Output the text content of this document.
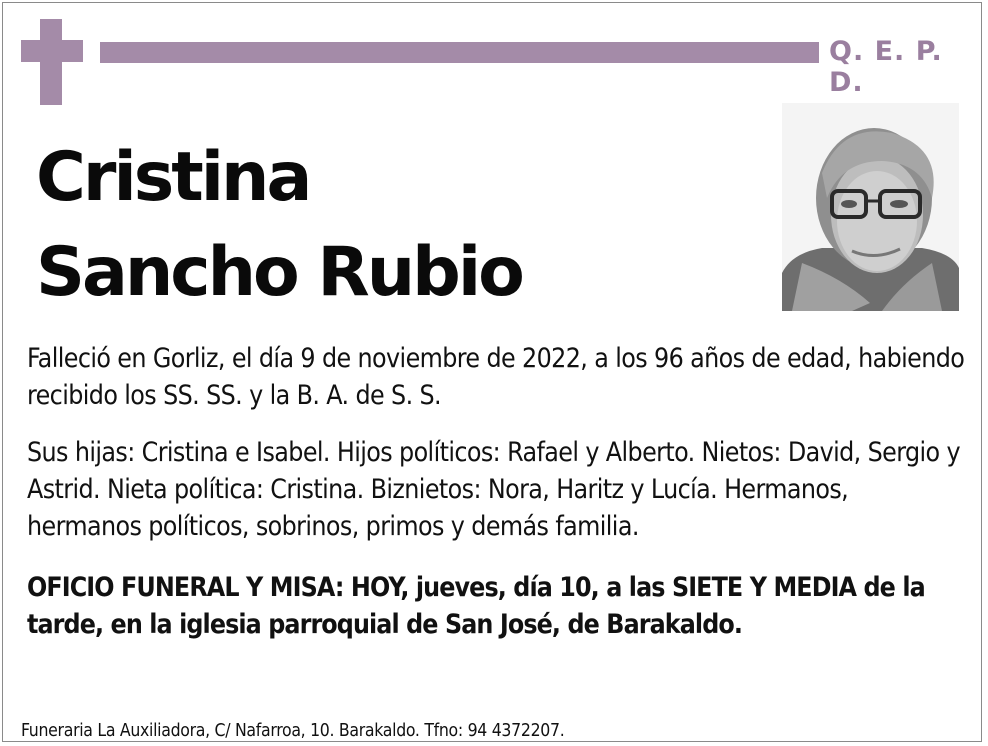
Q. E. P. D.
Cristina
Sancho Rubio

Falleció en Gorliz, el día 9 de noviembre de 2022, a los 96 años de edad, habiendo recibido los SS. SS. y la B. A. de S. S.

Sus hijas: Cristina e Isabel. Hijos políticos: Rafael y Alberto. Nietos: David, Sergio y Astrid. Nieta política: Cristina. Biznietos: Nora, Haritz y Lucía. Hermanos, hermanos políticos, sobrinos, primos y demás familia.

OFICIO FUNERAL Y MISA: HOY, jueves, día 10, a las SIETE Y MEDIA de la tarde, en la iglesia parroquial de San José, de Barakaldo.

Funeraria La Auxiliadora, C/ Nafarroa, 10. Barakaldo. Tfno: 94 4372207.
